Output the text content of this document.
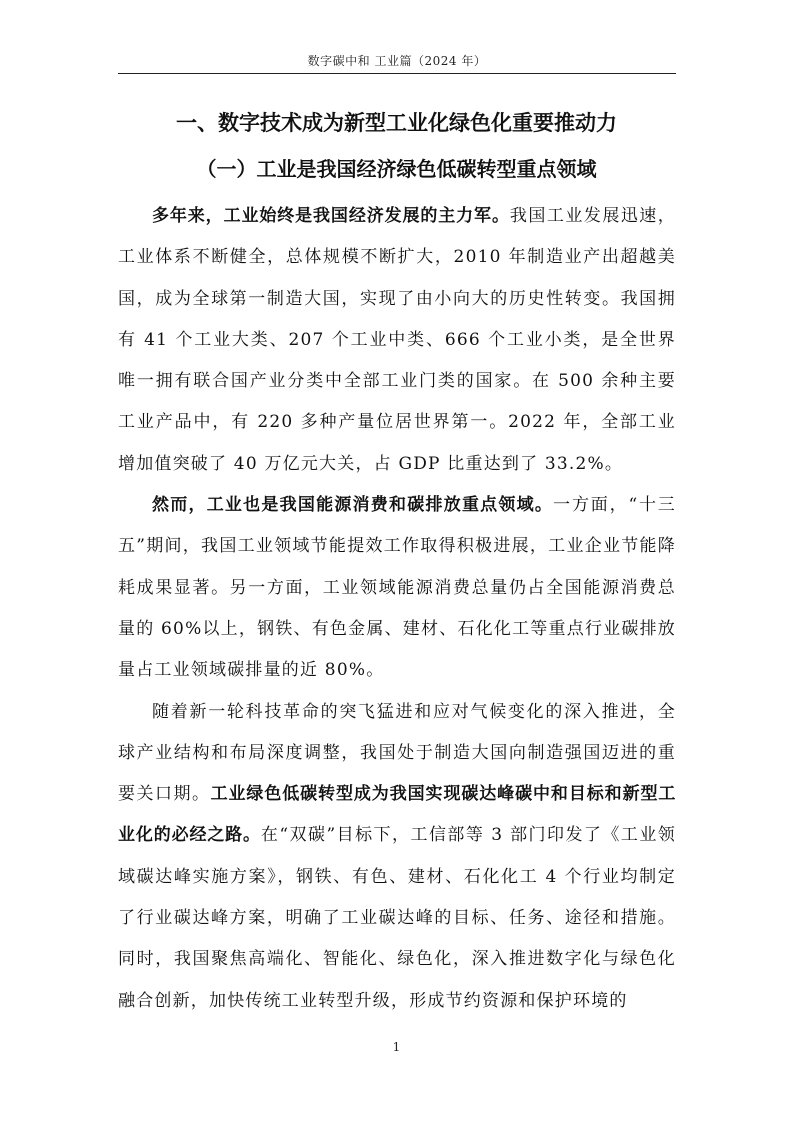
数字碳中和 工业篇（2024 年）
一、数字技术成为新型工业化绿色化重要推动力
（一）工业是我国经济绿色低碳转型重点领域

多年来，工业始终是我国经济发展的主力军。我国工业发展迅速，工业体系不断健全，总体规模不断扩大，2010 年制造业产出超越美国，成为全球第一制造大国，实现了由小向大的历史性转变。我国拥有 41 个工业大类、207 个工业中类、666 个工业小类，是全世界唯一拥有联合国产业分类中全部工业门类的国家。在 500 余种主要工业产品中，有 220 多种产量位居世界第一。2022 年，全部工业增加值突破了 40 万亿元大关，占 GDP 比重达到了 33.2%。

然而，工业也是我国能源消费和碳排放重点领域。一方面，“十三五”期间，我国工业领域节能提效工作取得积极进展，工业企业节能降耗成果显著。另一方面，工业领域能源消费总量仍占全国能源消费总量的 60%以上，钢铁、有色金属、建材、石化化工等重点行业碳排放量占工业领域碳排量的近 80%。

随着新一轮科技革命的突飞猛进和应对气候变化的深入推进，全球产业结构和布局深度调整，我国处于制造大国向制造强国迈进的重要关口期。工业绿色低碳转型成为我国实现碳达峰碳中和目标和新型工业化的必经之路。在“双碳”目标下，工信部等 3 部门印发了《工业领域碳达峰实施方案》，钢铁、有色、建材、石化化工 4 个行业均制定了行业碳达峰方案，明确了工业碳达峰的目标、任务、途径和措施。同时，我国聚焦高端化、智能化、绿色化，深入推进数字化与绿色化融合创新，加快传统工业转型升级，形成节约资源和保护环境的

1
